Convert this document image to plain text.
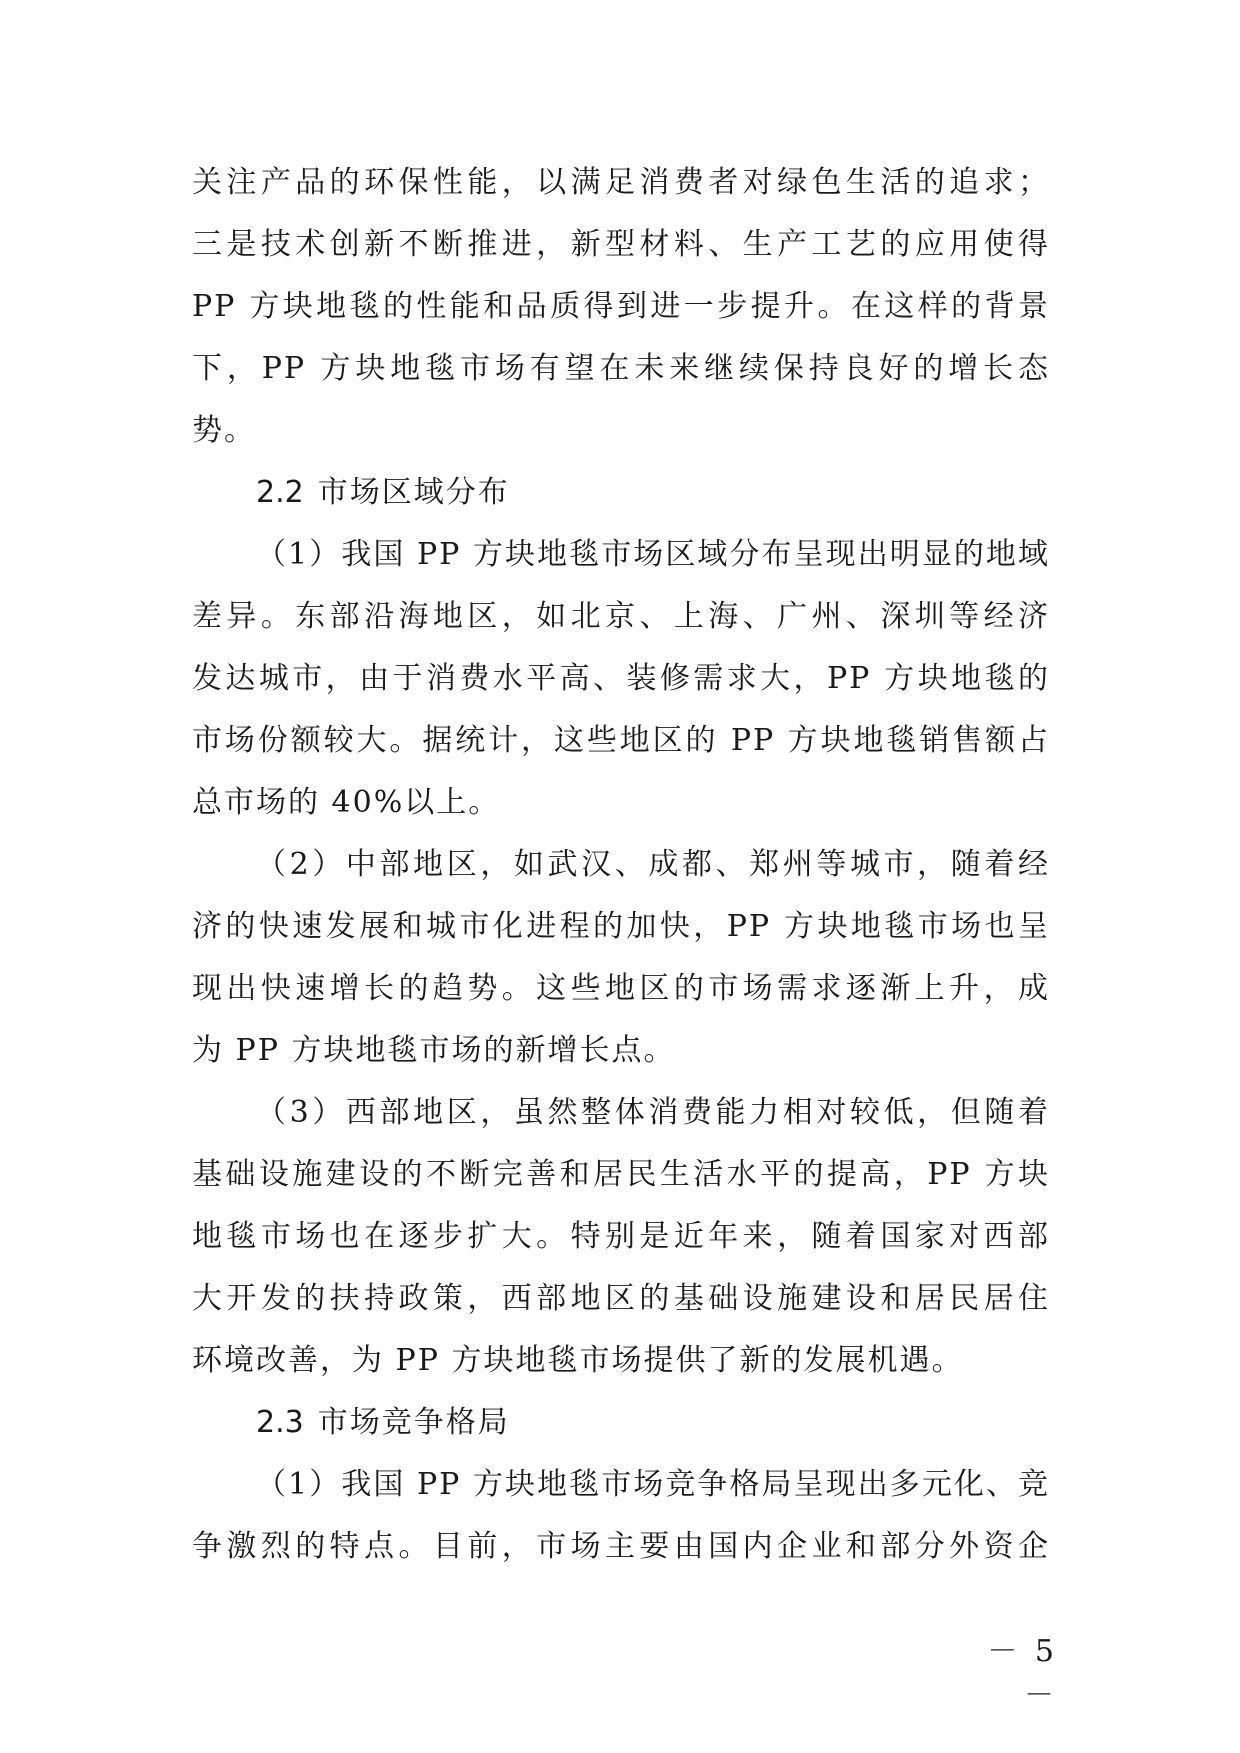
关注产品的环保性能，以满足消费者对绿色生活的追求；
三是技术创新不断推进，新型材料、生产工艺的应用使得
PP 方块地毯的性能和品质得到进一步提升。在这样的背景
下，PP 方块地毯市场有望在未来继续保持良好的增长态
势。
2.2 市场区域分布
（1）我国 PP 方块地毯市场区域分布呈现出明显的地域
差异。东部沿海地区，如北京、上海、广州、深圳等经济
发达城市，由于消费水平高、装修需求大，PP 方块地毯的
市场份额较大。据统计，这些地区的 PP 方块地毯销售额占
总市场的 40%以上。
（2）中部地区，如武汉、成都、郑州等城市，随着经
济的快速发展和城市化进程的加快，PP 方块地毯市场也呈
现出快速增长的趋势。这些地区的市场需求逐渐上升，成
为 PP 方块地毯市场的新增长点。
（3）西部地区，虽然整体消费能力相对较低，但随着
基础设施建设的不断完善和居民生活水平的提高，PP 方块
地毯市场也在逐步扩大。特别是近年来，随着国家对西部
大开发的扶持政策，西部地区的基础设施建设和居民居住
环境改善，为 PP 方块地毯市场提供了新的发展机遇。
2.3 市场竞争格局
（1）我国 PP 方块地毯市场竞争格局呈现出多元化、竞
争激烈的特点。目前，市场主要由国内企业和部分外资企
－ 5 －
